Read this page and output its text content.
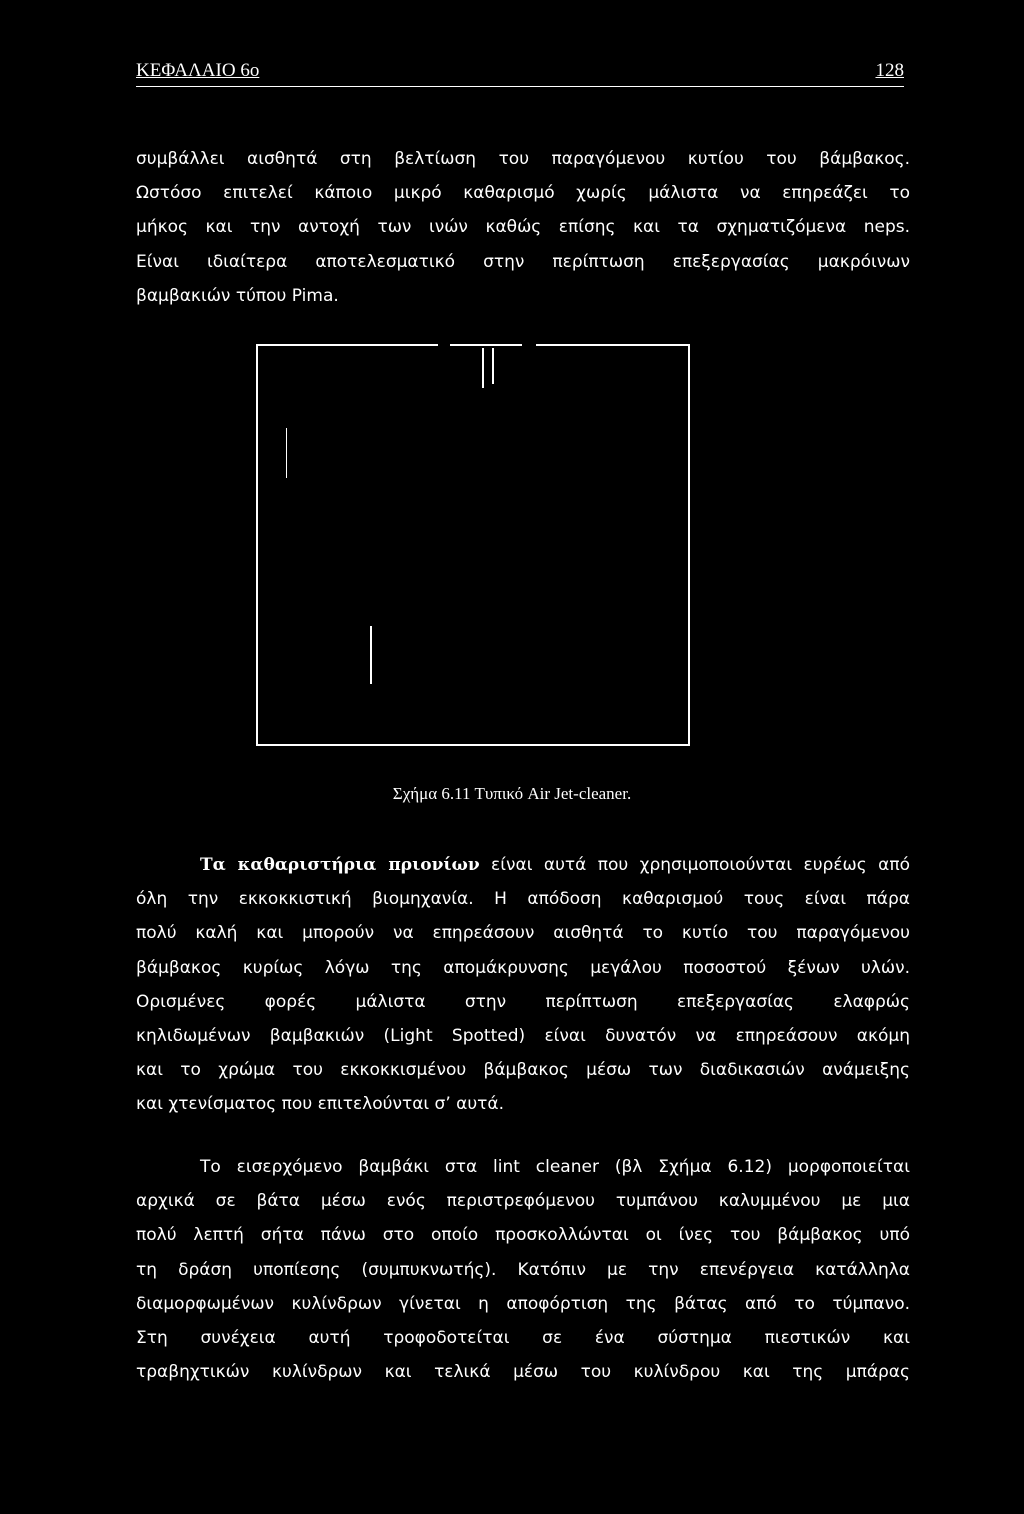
ΚΕΦΑΛΑΙΟ 6ο	128
συμβάλλει αισθητά στη βελτίωση του παραγόμενου κυτίου του βάμβακος.
Ωστόσο επιτελεί κάποιο μικρό καθαρισμό χωρίς μάλιστα να επηρεάζει το
μήκος και την αντοχή των ινών καθώς επίσης και τα σχηματιζόμενα neps.
Είναι ιδιαίτερα αποτελεσματικό στην περίπτωση επεξεργασίας μακρόινων
βαμβακιών τύπου Pima.
Σχήμα 6.11 Τυπικό Air Jet-cleaner.
Τα καθαριστήρια πριονίων είναι αυτά που χρησιμοποιούνται ευρέως από
όλη την εκκοκκιστική βιομηχανία. Η απόδοση καθαρισμού τους είναι πάρα
πολύ καλή και μπορούν να επηρεάσουν αισθητά το κυτίο του παραγόμενου
βάμβακος κυρίως λόγω της απομάκρυνσης μεγάλου ποσοστού ξένων υλών.
Ορισμένες φορές μάλιστα στην περίπτωση επεξεργασίας ελαφρώς
κηλιδωμένων βαμβακιών (Light Spotted) είναι δυνατόν να επηρεάσουν ακόμη
και το χρώμα του εκκοκκισμένου βάμβακος μέσω των διαδικασιών ανάμειξης
και χτενίσματος που επιτελούνται σ’ αυτά.
Το εισερχόμενο βαμβάκι στα lint cleaner (βλ Σχήμα 6.12) μορφοποιείται
αρχικά σε βάτα μέσω ενός περιστρεφόμενου τυμπάνου καλυμμένου με μια
πολύ λεπτή σήτα πάνω στο οποίο προσκολλώνται οι ίνες του βάμβακος υπό
τη δράση υποπίεσης (συμπυκνωτής). Κατόπιν με την επενέργεια κατάλληλα
διαμορφωμένων κυλίνδρων γίνεται η αποφόρτιση της βάτας από το τύμπανο.
Στη συνέχεια αυτή τροφοδοτείται σε ένα σύστημα πιεστικών και
τραβηχτικών κυλίνδρων και τελικά μέσω του κυλίνδρου και της μπάρας
